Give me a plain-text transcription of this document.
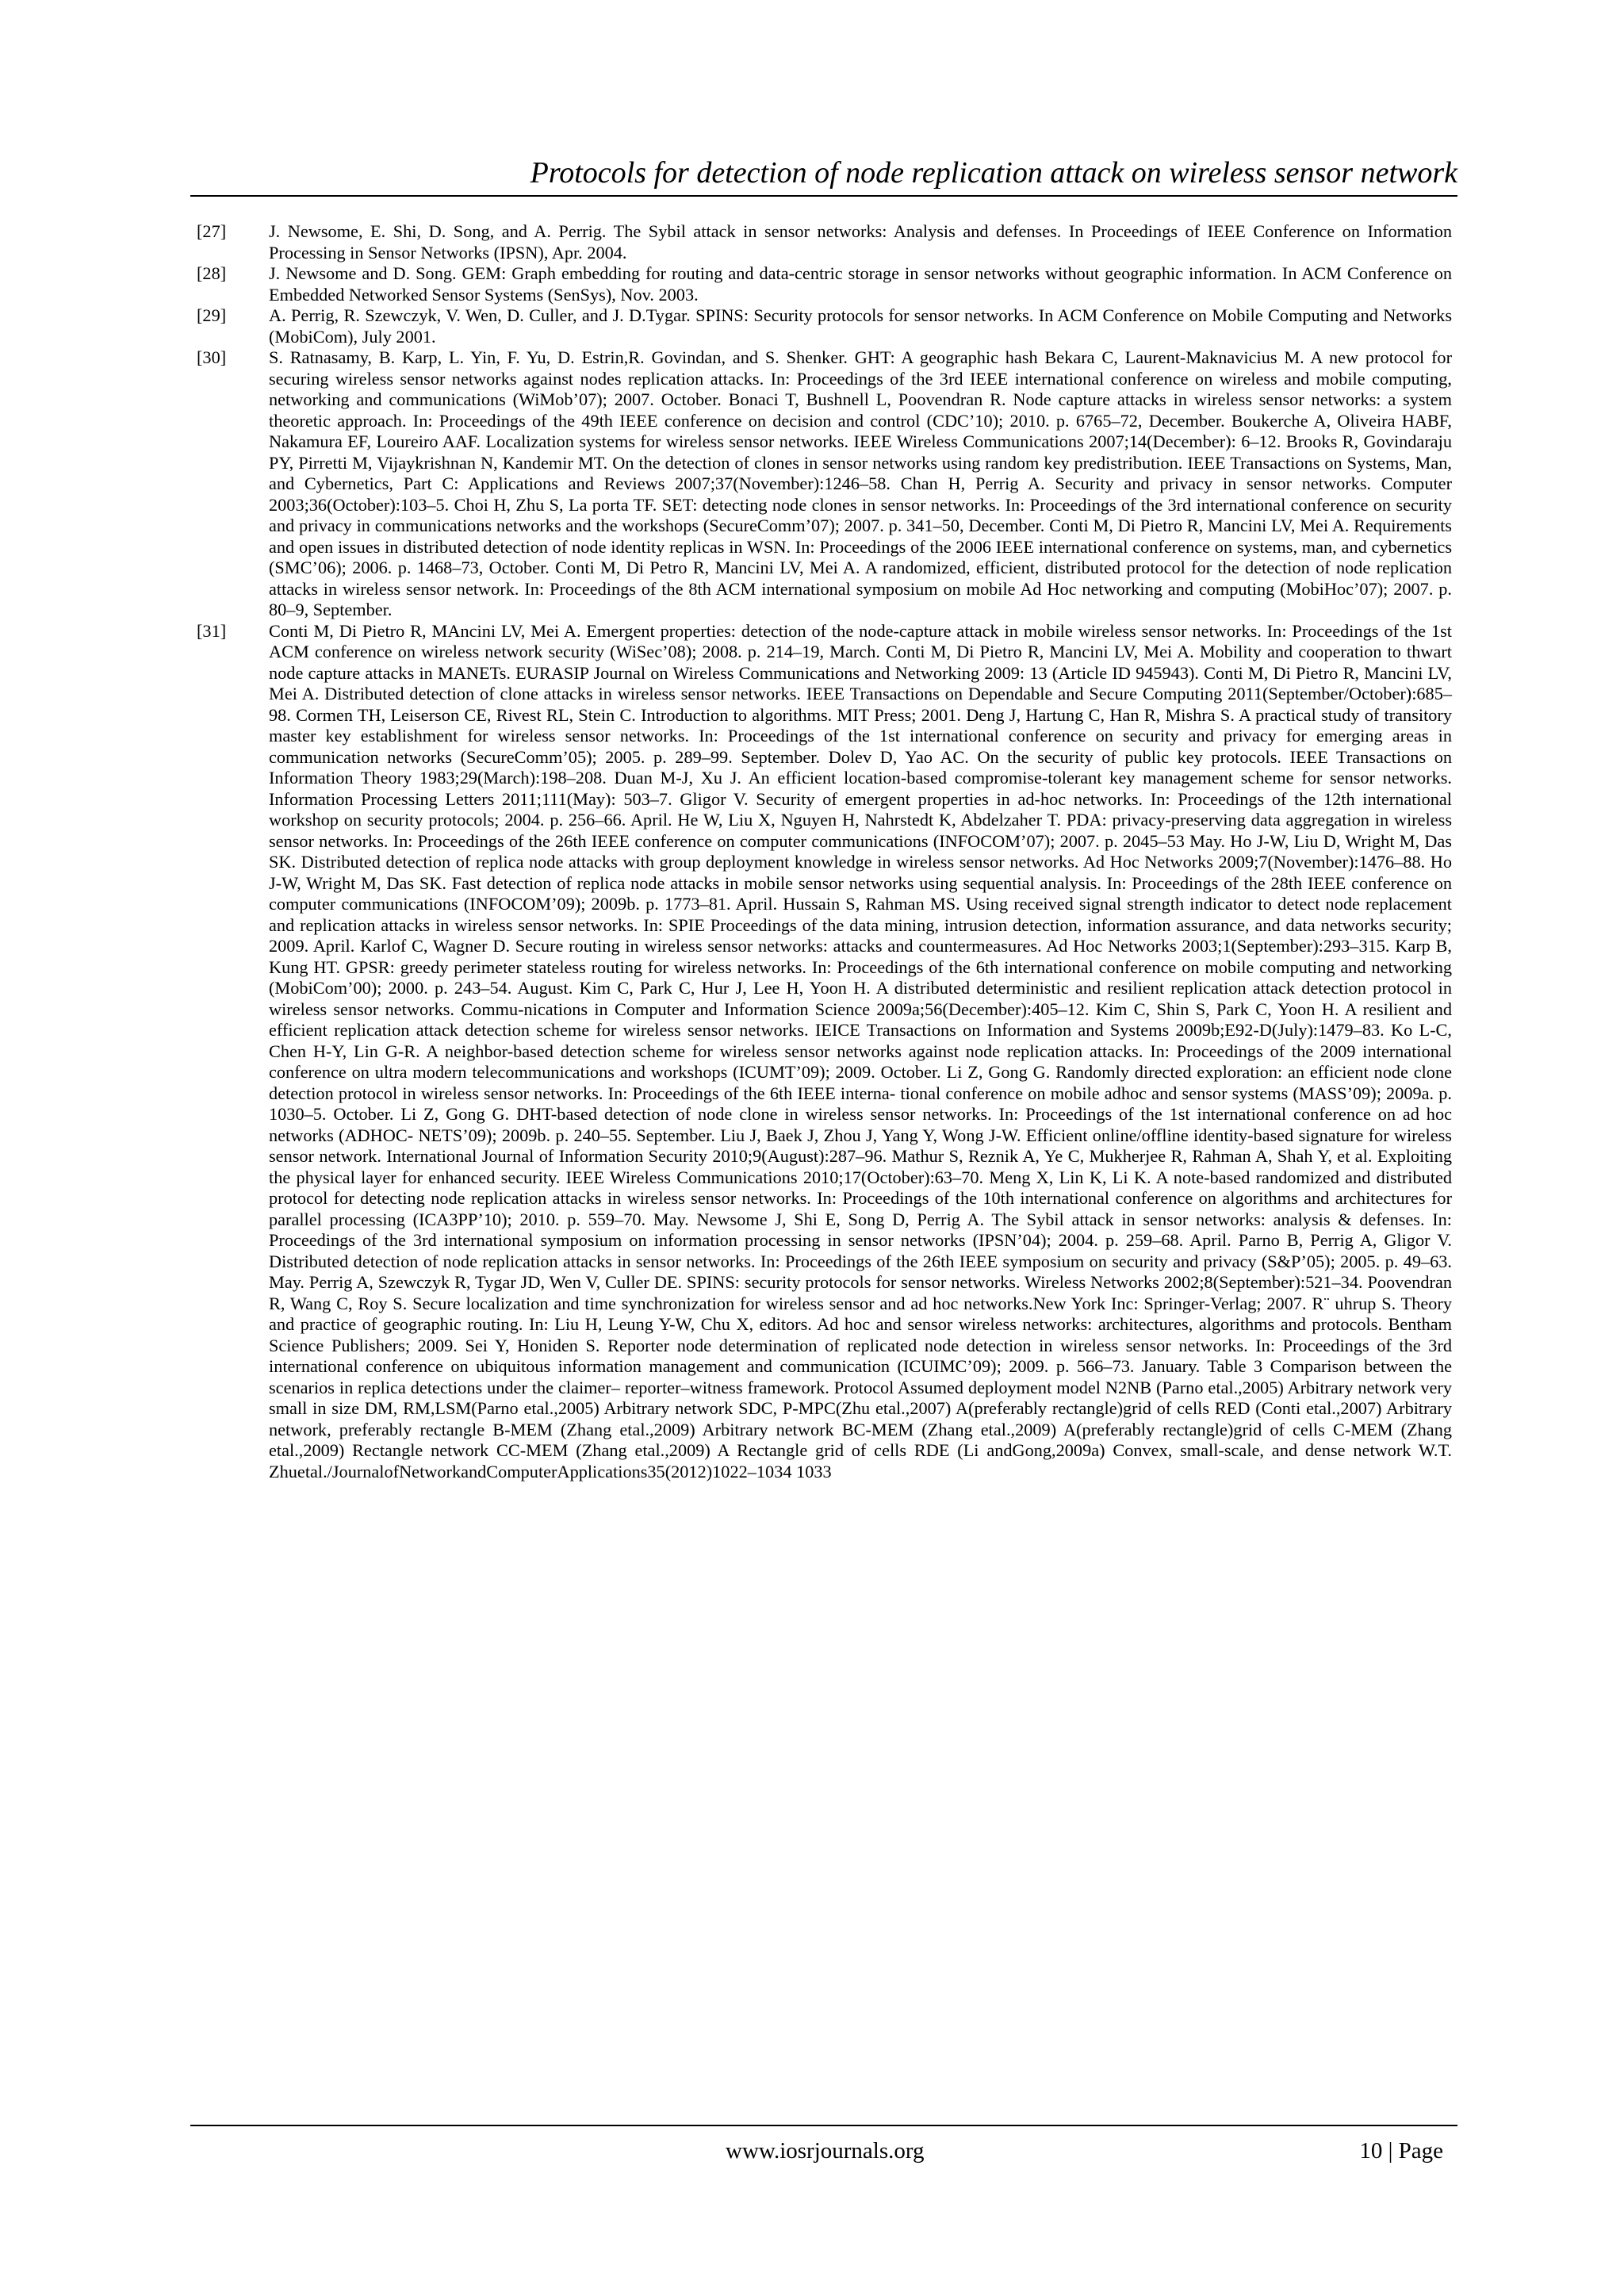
Protocols for detection of node replication attack on wireless sensor network
[27]	J. Newsome, E. Shi, D. Song, and A. Perrig. The Sybil attack in sensor networks: Analysis and defenses. In Proceedings of IEEE Conference on Information Processing in Sensor Networks (IPSN), Apr. 2004.
[28]	J. Newsome and D. Song. GEM: Graph embedding for routing and data-centric storage in sensor networks without geographic information. In ACM Conference on Embedded Networked Sensor Systems (SenSys), Nov. 2003.
[29]	A. Perrig, R. Szewczyk, V. Wen, D. Culler, and J. D.Tygar. SPINS: Security protocols for sensor networks. In ACM Conference on Mobile Computing and Networks (MobiCom), July 2001.
[30]	S. Ratnasamy, B. Karp, L. Yin, F. Yu, D. Estrin,R. Govindan, and S. Shenker. GHT: A geographic hash Bekara C, Laurent-Maknavicius M. A new protocol for securing wireless sensor networks against nodes replication attacks. In: Proceedings of the 3rd IEEE international conference on wireless and mobile computing, networking and communications (WiMob’07); 2007. October. Bonaci T, Bushnell L, Poovendran R. Node capture attacks in wireless sensor networks: a system theoretic approach. In: Proceedings of the 49th IEEE conference on decision and control (CDC’10); 2010. p. 6765–72, December. Boukerche A, Oliveira HABF, Nakamura EF, Loureiro AAF. Localization systems for wireless sensor networks. IEEE Wireless Communications 2007;14(December): 6–12. Brooks R, Govindaraju PY, Pirretti M, Vijaykrishnan N, Kandemir MT. On the detection of clones in sensor networks using random key predistribution. IEEE Transactions on Systems, Man, and Cybernetics, Part C: Applications and Reviews 2007;37(November):1246–58. Chan H, Perrig A. Security and privacy in sensor networks. Computer 2003;36(October):103–5. Choi H, Zhu S, La porta TF. SET: detecting node clones in sensor networks. In: Proceedings of the 3rd international conference on security and privacy in communications networks and the workshops (SecureComm’07); 2007. p. 341–50, December. Conti M, Di Pietro R, Mancini LV, Mei A. Requirements and open issues in distributed detection of node identity replicas in WSN. In: Proceedings of the 2006 IEEE international conference on systems, man, and cybernetics (SMC’06); 2006. p. 1468–73, October. Conti M, Di Petro R, Mancini LV, Mei A. A randomized, efficient, distributed protocol for the detection of node replication attacks in wireless sensor network. In: Proceedings of the 8th ACM international symposium on mobile Ad Hoc networking and computing (MobiHoc’07); 2007. p. 80–9, September.
[31]	Conti M, Di Pietro R, MAncini LV, Mei A. Emergent properties: detection of the node-capture attack in mobile wireless sensor networks. In: Proceedings of the 1st ACM conference on wireless network security (WiSec’08); 2008. p. 214–19, March. Conti M, Di Pietro R, Mancini LV, Mei A. Mobility and cooperation to thwart node capture attacks in MANETs. EURASIP Journal on Wireless Communications and Networking 2009: 13 (Article ID 945943). Conti M, Di Pietro R, Mancini LV, Mei A. Distributed detection of clone attacks in wireless sensor networks. IEEE Transactions on Dependable and Secure Computing 2011(September/October):685–98. Cormen TH, Leiserson CE, Rivest RL, Stein C. Introduction to algorithms. MIT Press; 2001. Deng J, Hartung C, Han R, Mishra S. A practical study of transitory master key establishment for wireless sensor networks. In: Proceedings of the 1st international conference on security and privacy for emerging areas in communication networks (SecureComm’05); 2005. p. 289–99. September. Dolev D, Yao AC. On the security of public key protocols. IEEE Transactions on Information Theory 1983;29(March):198–208. Duan M-J, Xu J. An efficient location-based compromise-tolerant key management scheme for sensor networks. Information Processing Letters 2011;111(May): 503–7. Gligor V. Security of emergent properties in ad-hoc networks. In: Proceedings of the 12th international workshop on security protocols; 2004. p. 256–66. April. He W, Liu X, Nguyen H, Nahrstedt K, Abdelzaher T. PDA: privacy-preserving data aggregation in wireless sensor networks. In: Proceedings of the 26th IEEE conference on computer communications (INFOCOM’07); 2007. p. 2045–53 May. Ho J-W, Liu D, Wright M, Das SK. Distributed detection of replica node attacks with group deployment knowledge in wireless sensor networks. Ad Hoc Networks 2009;7(November):1476–88. Ho J-W, Wright M, Das SK. Fast detection of replica node attacks in mobile sensor networks using sequential analysis. In: Proceedings of the 28th IEEE conference on computer communications (INFOCOM’09); 2009b. p. 1773–81. April. Hussain S, Rahman MS. Using received signal strength indicator to detect node replacement and replication attacks in wireless sensor networks. In: SPIE Proceedings of the data mining, intrusion detection, information assurance, and data networks security; 2009. April. Karlof C, Wagner D. Secure routing in wireless sensor networks: attacks and countermeasures. Ad Hoc Networks 2003;1(September):293–315. Karp B, Kung HT. GPSR: greedy perimeter stateless routing for wireless networks. In: Proceedings of the 6th international conference on mobile computing and networking (MobiCom’00); 2000. p. 243–54. August. Kim C, Park C, Hur J, Lee H, Yoon H. A distributed deterministic and resilient replication attack detection protocol in wireless sensor networks. Commu-nications in Computer and Information Science 2009a;56(December):405–12. Kim C, Shin S, Park C, Yoon H. A resilient and efficient replication attack detection scheme for wireless sensor networks. IEICE Transactions on Information and Systems 2009b;E92-D(July):1479–83. Ko L-C, Chen H-Y, Lin G-R. A neighbor-based detection scheme for wireless sensor networks against node replication attacks. In: Proceedings of the 2009 international conference on ultra modern telecommunications and workshops (ICUMT’09); 2009. October. Li Z, Gong G. Randomly directed exploration: an efficient node clone detection protocol in wireless sensor networks. In: Proceedings of the 6th IEEE interna- tional conference on mobile adhoc and sensor systems (MASS’09); 2009a. p. 1030–5. October. Li Z, Gong G. DHT-based detection of node clone in wireless sensor networks. In: Proceedings of the 1st international conference on ad hoc networks (ADHOC- NETS’09); 2009b. p. 240–55. September. Liu J, Baek J, Zhou J, Yang Y, Wong J-W. Efficient online/offline identity-based signature for wireless sensor network. International Journal of Information Security 2010;9(August):287–96. Mathur S, Reznik A, Ye C, Mukherjee R, Rahman A, Shah Y, et al. Exploiting the physical layer for enhanced security. IEEE Wireless Communications 2010;17(October):63–70. Meng X, Lin K, Li K. A note-based randomized and distributed protocol for detecting node replication attacks in wireless sensor networks. In: Proceedings of the 10th international conference on algorithms and architectures for parallel processing (ICA3PP’10); 2010. p. 559–70. May. Newsome J, Shi E, Song D, Perrig A. The Sybil attack in sensor networks: analysis & defenses. In: Proceedings of the 3rd international symposium on information processing in sensor networks (IPSN’04); 2004. p. 259–68. April. Parno B, Perrig A, Gligor V. Distributed detection of node replication attacks in sensor networks. In: Proceedings of the 26th IEEE symposium on security and privacy (S&P’05); 2005. p. 49–63. May. Perrig A, Szewczyk R, Tygar JD, Wen V, Culler DE. SPINS: security protocols for sensor networks. Wireless Networks 2002;8(September):521–34. Poovendran R, Wang C, Roy S. Secure localization and time synchronization for wireless sensor and ad hoc networks.New York Inc: Springer-Verlag; 2007. R¨ uhrup S. Theory and practice of geographic routing. In: Liu H, Leung Y-W, Chu X, editors. Ad hoc and sensor wireless networks: architectures, algorithms and protocols. Bentham Science Publishers; 2009. Sei Y, Honiden S. Reporter node determination of replicated node detection in wireless sensor networks. In: Proceedings of the 3rd international conference on ubiquitous information management and communication (ICUIMC’09); 2009. p. 566–73. January. Table 3 Comparison between the scenarios in replica detections under the claimer– reporter–witness framework. Protocol Assumed deployment model N2NB (Parno etal.,2005) Arbitrary network very small in size DM, RM,LSM(Parno etal.,2005) Arbitrary network SDC, P-MPC(Zhu etal.,2007) A(preferably rectangle)grid of cells RED (Conti etal.,2007) Arbitrary network, preferably rectangle B-MEM (Zhang etal.,2009) Arbitrary network BC-MEM (Zhang etal.,2009) A(preferably rectangle)grid of cells C-MEM (Zhang etal.,2009) Rectangle network CC-MEM (Zhang etal.,2009) A Rectangle grid of cells RDE (Li andGong,2009a) Convex, small-scale, and dense network W.T. Zhuetal./JournalofNetworkandComputerApplications35(2012)1022–1034 1033
www.iosrjournals.org	10 | Page
